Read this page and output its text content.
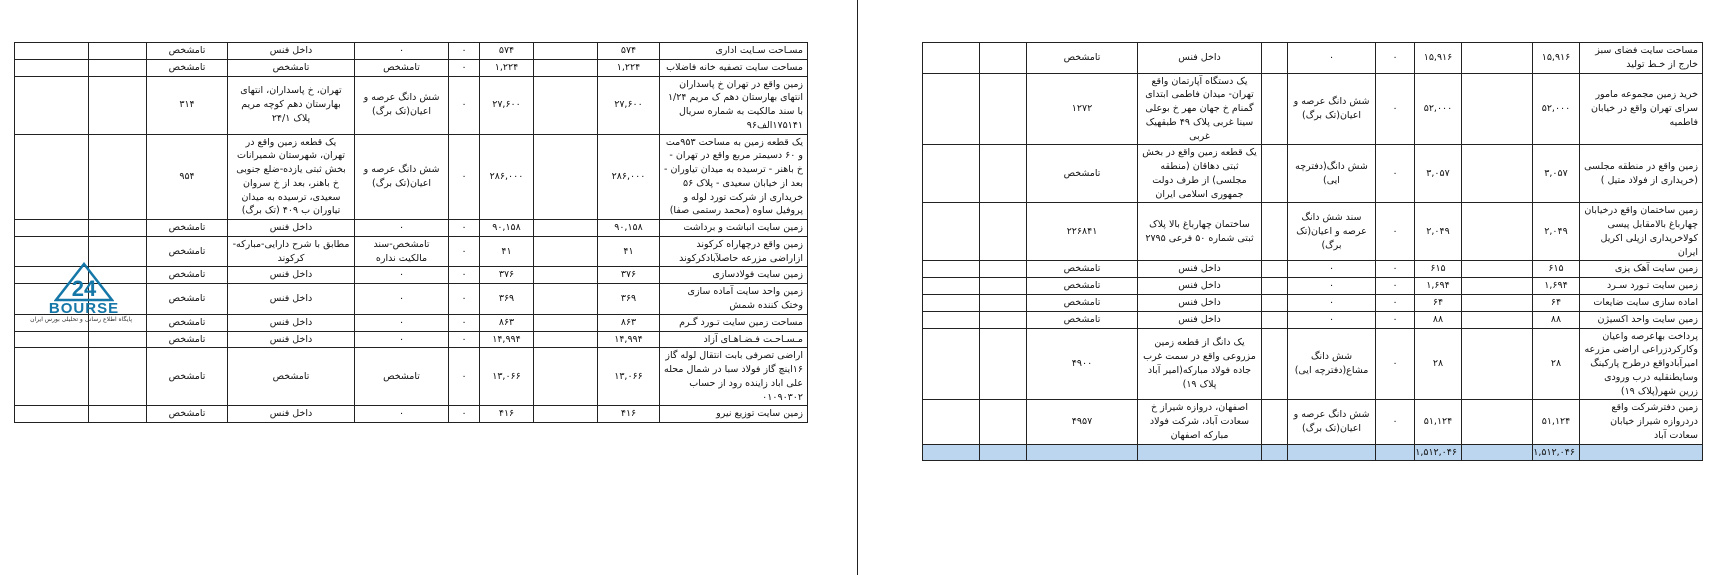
مساحت سایت فضای سبز خارج از خـط تولید	۱۵,۹۱۶		۱۵,۹۱۶	۰	۰		داخل فنس	تامشخص		
خرید زمین مجموعه مامور سرای تهران واقع در خیابان فاطمیه	۵۲,۰۰۰		۵۲,۰۰۰	۰	شش دانگ عرصه و اعیان(تک برگ)		یک دستگاه آپارتمان واقع تهران- میدان فاطمی ابتدای گمنام خ جهان مهر خ بوعلی سینا غربی پلاک ۴۹ طبقهیک غربی	۱۲۷۲		
زمین واقع در منطقه مجلسی (خریداری از فولاد متیل )	۳,۰۵۷		۳,۰۵۷	۰	شش دانگ(دفترچه ایی)		یک قطعه زمین واقع در بخش ثبتی دهاقان (منطقه مجلسی) از طرف دولت جمهوری اسلامی ایران	تامشخص		
زمین ساختمان واقع درخیابان چهارباغ بالامقابل پیسی کولاخریداری ازپلی اکریل ایران	۲,۰۴۹		۲,۰۴۹	۰	سند شش دانگ عرصه و اعیان(تک برگ)		ساختمان چهارباغ بالا پلاک ثبتی شماره ۵۰ فرعی ۲۷۹۵	۲۲۶۸۴۱		
زمین سایت آهک پزی	۶۱۵		۶۱۵	۰	۰		داخل فنس	تامشخص		
زمین سایت تـورد سـرد	۱,۶۹۴		۱,۶۹۴	۰	۰		داخل فنس	تامشخص		
اماده سازی سایت ضایعات	۶۴		۶۴	۰	۰		داخل فنس	تامشخص		
زمین سایت واحد اکسیژن	۸۸		۸۸	۰	۰		داخل فنس	تامشخص		
پرداخت بهاعرصه واعیان وکارکردزراعی اراضی مزرعه امیرآبادواقع درطرح پارکینگ وسایطنقلیه درب ورودی زرین شهر(پلاک ۱۹)	۲۸		۲۸	۰	شش دانگ مشاع(دفترچه ایی)		یک دانگ از قطعه زمین مزروعی واقع در سمت غرب جاده فولاد مبارکه(امیر آباد پلاک ۱۹)	۴۹۰۰		
زمین دفترشرکت واقع دردروازه شیراز خیابان سعادت آباد	۵۱,۱۲۴		۵۱,۱۲۴	۰	شش دانگ عرصه و اعیان(تک برگ)		اصفهان، دروازه شیراز خ سعادت آباد، شرکت فولاد مبارکه اصفهان	۴۹۵۷		
	۱,۵۱۲,۰۴۶		۱,۵۱۲,۰۴۶							
مسـاحت سـایت اداری	۵۷۴		۵۷۴	۰	۰	داخل فنس	تامشخص		
مساحت سایت تصفیه خانه فاضلاب	۱,۲۲۴		۱,۲۲۴	۰	تامشخص	تامشخص	تامشخص		
زمین واقع در تهران خ پاسداران انتهای بهارستان دهم ک مریم ۱/۲۴ با سند مالکیت به شماره سریال ۱۷۵۱۴۱الف۹۶	۲۷,۶۰۰		۲۷,۶۰۰	۰	شش دانگ عرصه و اعیان(تک برگ)	تهران، خ پاسداران، انتهای بهارستان دهم کوچه مریم پلاک ۲۴/۱	۳۱۴		
یک قطعه زمین به مساحت ۹۵۳مت و ۶۰ دسیمتر مربع واقع در تهران - خ باهنر - ترسیده به میدان تیاوران - بعد از خیابان سعیدی - پلاک ۵۶ خریداری از شرکت تورد لوله و پروفیل ساوه (محمد رستمی صفا)	۲۸۶,۰۰۰		۲۸۶,۰۰۰	۰	شش دانگ عرصه و اعیان(تک برگ)	یک قطعه زمین واقع در تهران، شهرستان شمیرانات بخش ثبتی یازده-ضلع جنوبی خ باهنر، بعد از خ سروان سعیدی، ترسیده به میدان تیاوران ب ۴۰۹ (تک برگ)	۹۵۴		
زمین سایت انباشت و برداشت	۹۰,۱۵۸		۹۰,۱۵۸	۰	۰	داخل فنس	تامشخص		
زمین واقع درچهاراه کرکوند ازاراضی مزرعه حاصلآبادکرکوند	۴۱		۴۱	۰	تامشخص-سند مالکیت نداره	مطابق با شرح دارایی-مبارکه-کرکوند	تامشخص		
زمین سایت فولادسازی	۳۷۶		۳۷۶	۰	۰	داخل فنس	تامشخص		
زمین واحد سایت آماده سازی وختک کننده شمش	۳۶۹		۳۶۹	۰	۰	داخل فنس	تامشخص		
مساحت زمین سایت تـورد گـرم	۸۶۳		۸۶۳	۰	۰	داخل فنس	تامشخص		
مـسـاحـت فـضـاهـای آزاد	۱۴,۹۹۴		۱۴,۹۹۴	۰	۰	داخل فنس	تامشخص		
اراضی تصرفی بابت انتقال لوله گاز ۱۶اینچ گاز فولاد سبا در شمال محله علی اباد زاینده رود از حساب ۰۱۰۹۰۳۰۲	۱۳,۰۶۶		۱۳,۰۶۶	۰	تامشخص	تامشخص	تامشخص		
زمین سایت توزیع نیرو	۴۱۶		۴۱۶	۰	۰	داخل فنس	تامشخص		
24
BOURSE
پایگاه اطلاع رسانی و تحلیلی بورس ایران
